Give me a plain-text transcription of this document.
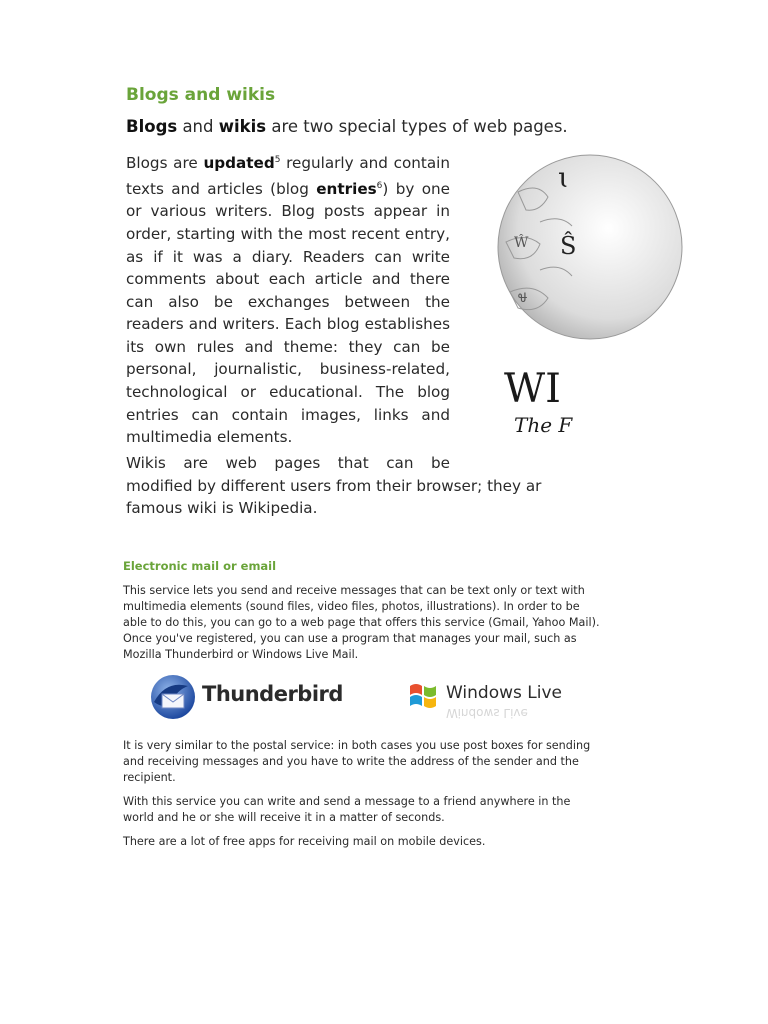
Blogs and wikis
Blogs and wikis are two special types of web pages.
Blogs are updated$^5$ regularly and contain texts and articles (blog entries$^6$) by one or various writers. Blog posts appear in order, starting with the most recent entry, as if it was a diary. Readers can write comments about each article and there can also be exchanges between the readers and writers. Each blog establishes its own rules and theme: they can be personal, journalistic, business-related, technological or educational. The blog entries can contain images, links and multimedia elements.
ɩ
Ŵ Ŝ
Ꮰ
WI
The F
Wikis are web pages that can be
modified by different users from their browser; they ar
famous wiki is Wikipedia.
Electronic mail or email
This service lets you send and receive messages that can be text only or text with multimedia elements (sound files, video files, photos, illustrations). In order to be able to do this, you can go to a web page that offers this service (Gmail, Yahoo Mail). Once you've registered, you can use a program that manages your mail, such as Mozilla Thunderbird or Windows Live Mail.
Thunderbird	Windows Live
Windows Live
It is very similar to the postal service: in both cases you use post boxes for sending and receiving messages and you have to write the address of the sender and the recipient.
With this service you can write and send a message to a friend anywhere in the world and he or she will receive it in a matter of seconds.
There are a lot of free apps for receiving mail on mobile devices.
